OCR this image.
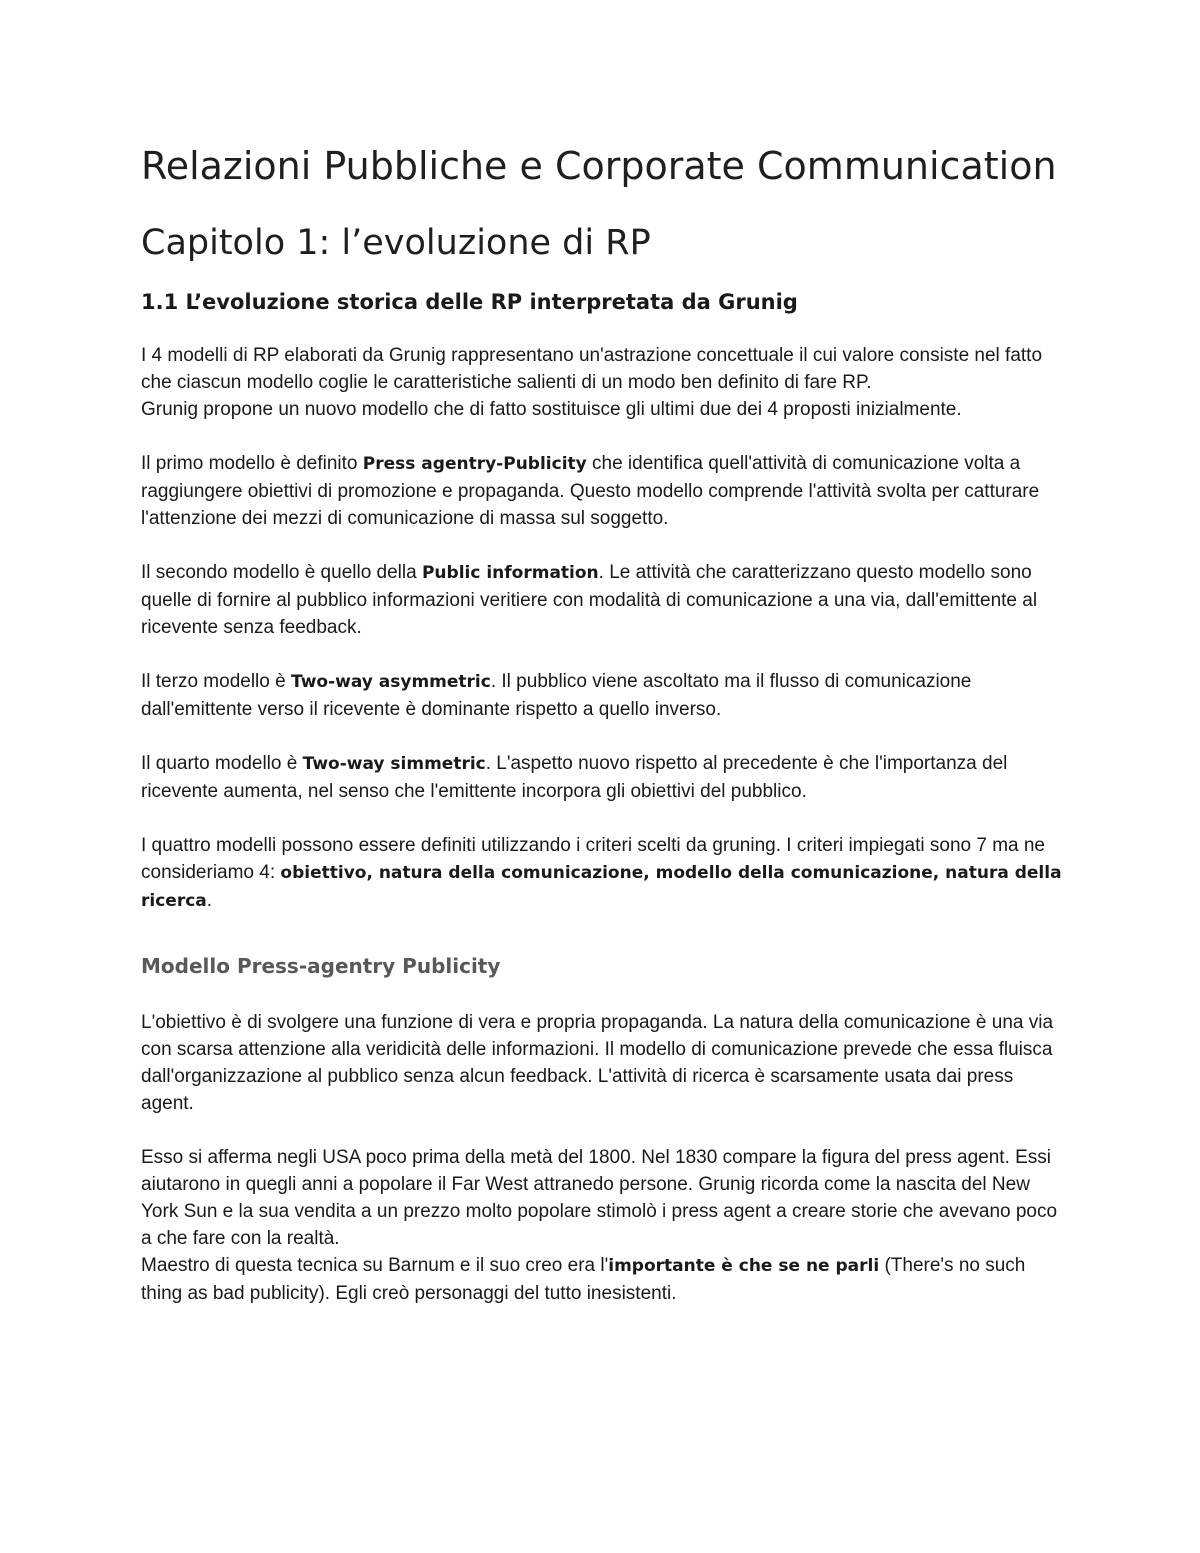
Relazioni Pubbliche e Corporate Communication
Capitolo 1: l’evoluzione di RP
1.1 L’evoluzione storica delle RP interpretata da Grunig

I 4 modelli di RP elaborati da Grunig rappresentano un'astrazione concettuale il cui valore consiste nel fatto che ciascun modello coglie le caratteristiche salienti di un modo ben definito di fare RP.
Grunig propone un nuovo modello che di fatto sostituisce gli ultimi due dei 4 proposti inizialmente.

Il primo modello è definito Press agentry-Publicity che identifica quell'attività di comunicazione volta a raggiungere obiettivi di promozione e propaganda. Questo modello comprende l'attività svolta per catturare l'attenzione dei mezzi di comunicazione di massa sul soggetto.

Il secondo modello è quello della Public information. Le attività che caratterizzano questo modello sono quelle di fornire al pubblico informazioni veritiere con modalità di comunicazione a una via, dall'emittente al ricevente senza feedback.

Il terzo modello è Two-way asymmetric. Il pubblico viene ascoltato ma il flusso di comunicazione dall'emittente verso il ricevente è dominante rispetto a quello inverso.

Il quarto modello è Two-way simmetric. L'aspetto nuovo rispetto al precedente è che l'importanza del ricevente aumenta, nel senso che l'emittente incorpora gli obiettivi del pubblico.

I quattro modelli possono essere definiti utilizzando i criteri scelti da gruning. I criteri impiegati sono 7 ma ne consideriamo 4: obiettivo, natura della comunicazione, modello della comunicazione, natura della ricerca.

Modello Press-agentry Publicity

L'obiettivo è di svolgere una funzione di vera e propria propaganda. La natura della comunicazione è una via con scarsa attenzione alla veridicità delle informazioni. Il modello di comunicazione prevede che essa fluisca dall'organizzazione al pubblico senza alcun feedback. L'attività di ricerca è scarsamente usata dai press agent.

Esso si afferma negli USA poco prima della metà del 1800. Nel 1830 compare la figura del press agent. Essi aiutarono in quegli anni a popolare il Far West attranedo persone. Grunig ricorda come la nascita del New York Sun e la sua vendita a un prezzo molto popolare stimolò i press agent a creare storie che avevano poco a che fare con la realtà.
Maestro di questa tecnica su Barnum e il suo creo era l'importante è che se ne parli (There's no such thing as bad publicity). Egli creò personaggi del tutto inesistenti.
